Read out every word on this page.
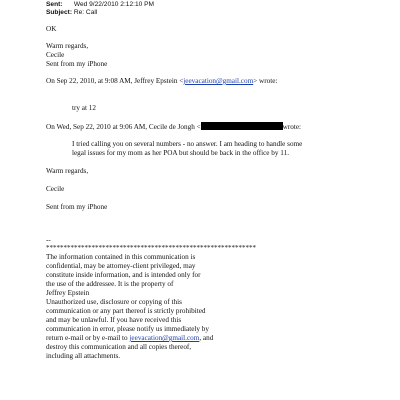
Sent: Wed 9/22/2010 2:12:10 PM
Subject: Re: Call
OK
Warm regards,
Cecile
Sent from my iPhone
On Sep 22, 2010, at 9:08 AM, Jeffrey Epstein <jeevacation@gmail.com> wrote:
try at 12
On Wed, Sep 22, 2010 at 9:06 AM, Cecile de Jongh <	wrote:
I tried calling you on several numbers - no answer. I am heading to handle some
legal issues for my mom as her POA but should be back in the office by 11.
Warm regards,
Cecile
Sent from my iPhone
--
************************************************************
The information contained in this communication is
confidential, may be attorney-client privileged, may
constitute inside information, and is intended only for
the use of the addressee. It is the property of
Jeffrey Epstein
Unauthorized use, disclosure or copying of this
communication or any part thereof is strictly prohibited
and may be unlawful. If you have received this
communication in error, please notify us immediately by
return e-mail or by e-mail to jeevacation@gmail.com, and
destroy this communication and all copies thereof,
including all attachments.
